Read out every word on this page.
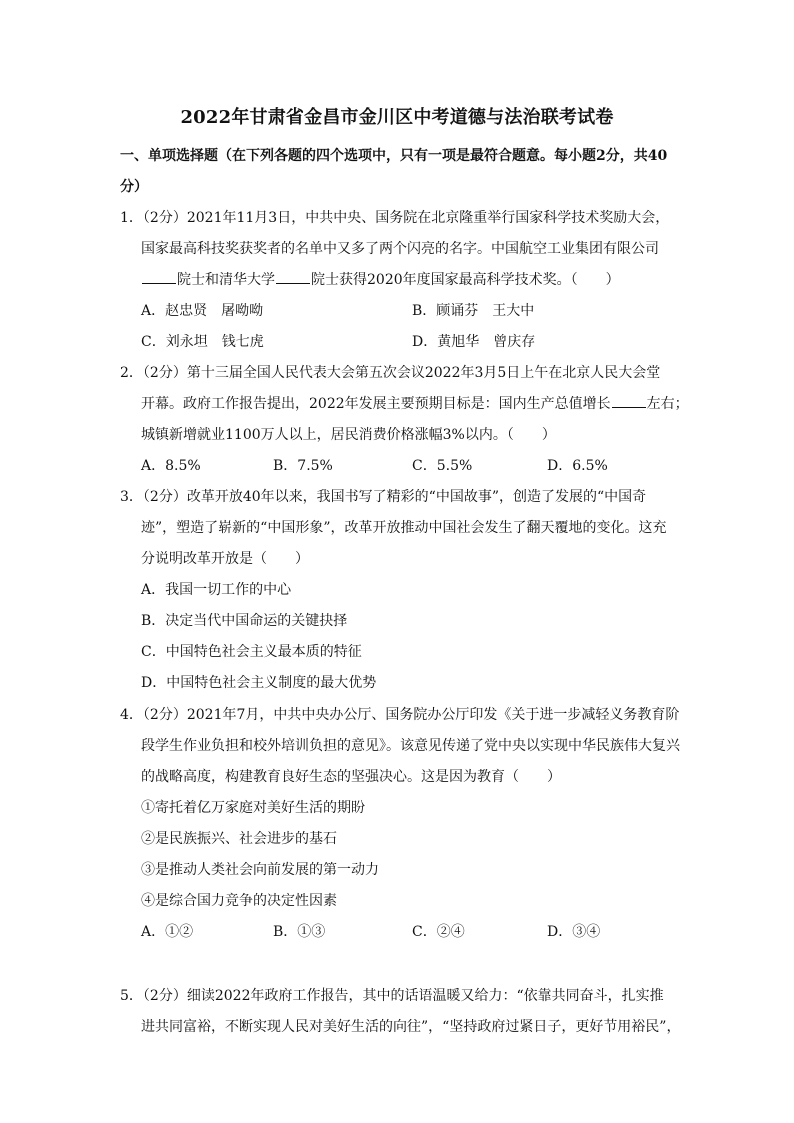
2022年甘肃省金昌市金川区中考道德与法治联考试卷
一、单项选择题（在下列各题的四个选项中，只有一项是最符合题意。每小题2分，共40
分）
1．（2分）2021年11月3日，中共中央、国务院在北京隆重举行国家科学技术奖励大会，
国家最高科技奖获奖者的名单中又多了两个闪亮的名字。中国航空工业集团有限公司
院士和清华大学	院士获得2020年度国家最高科学技术奖。（　　）
A．赵忠贤　屠呦呦	B．顾诵芬　王大中
C．刘永坦　钱七虎	D．黄旭华　曾庆存
2．（2分）第十三届全国人民代表大会第五次会议2022年3月5日上午在北京人民大会堂
开幕。政府工作报告提出，2022年发展主要预期目标是：国内生产总值增长	左右；
城镇新增就业1100万人以上，居民消费价格涨幅3%以内。（　　）
A．8.5%	B．7.5%	C．5.5%	D．6.5%
3．（2分）改革开放40年以来，我国书写了精彩的“中国故事”，创造了发展的“中国奇
迹”，塑造了崭新的“中国形象”，改革开放推动中国社会发生了翻天覆地的变化。这充
分说明改革开放是（　　）
A．我国一切工作的中心
B．决定当代中国命运的关键抉择
C．中国特色社会主义最本质的特征
D．中国特色社会主义制度的最大优势
4．（2分）2021年7月，中共中央办公厅、国务院办公厅印发《关于进一步减轻义务教育阶
段学生作业负担和校外培训负担的意见》。该意见传递了党中央以实现中华民族伟大复兴
的战略高度，构建教育良好生态的坚强决心。这是因为教育（　　）
①寄托着亿万家庭对美好生活的期盼
②是民族振兴、社会进步的基石
③是推动人类社会向前发展的第一动力
④是综合国力竞争的决定性因素
A．①②	B．①③	C．②④	D．③④
5．（2分）细读2022年政府工作报告，其中的话语温暖又给力：“依靠共同奋斗，扎实推
进共同富裕，不断实现人民对美好生活的向往”，“坚持政府过紧日子，更好节用裕民”，
